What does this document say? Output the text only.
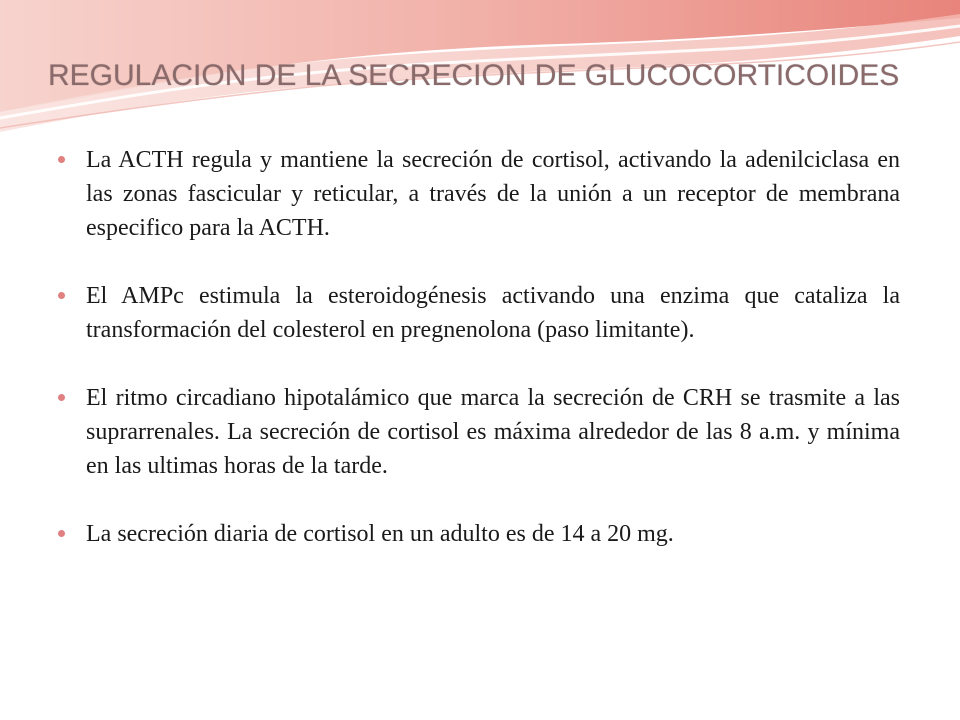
REGULACION DE LA SECRECION DE GLUCOCORTICOIDES
La ACTH regula y mantiene la secreción de cortisol, activando la adenilciclasa en las zonas fascicular y reticular, a través de la unión a un receptor de membrana especifico para la ACTH.
El AMPc estimula la esteroidogénesis activando una enzima que cataliza la transformación del colesterol en pregnenolona (paso limitante).
El ritmo circadiano hipotalámico que marca la secreción de CRH se trasmite a las suprarrenales. La secreción de cortisol es máxima alrededor de las 8 a.m. y mínima en las ultimas horas de la tarde.
La secreción diaria de cortisol en un adulto es de 14 a 20 mg.
